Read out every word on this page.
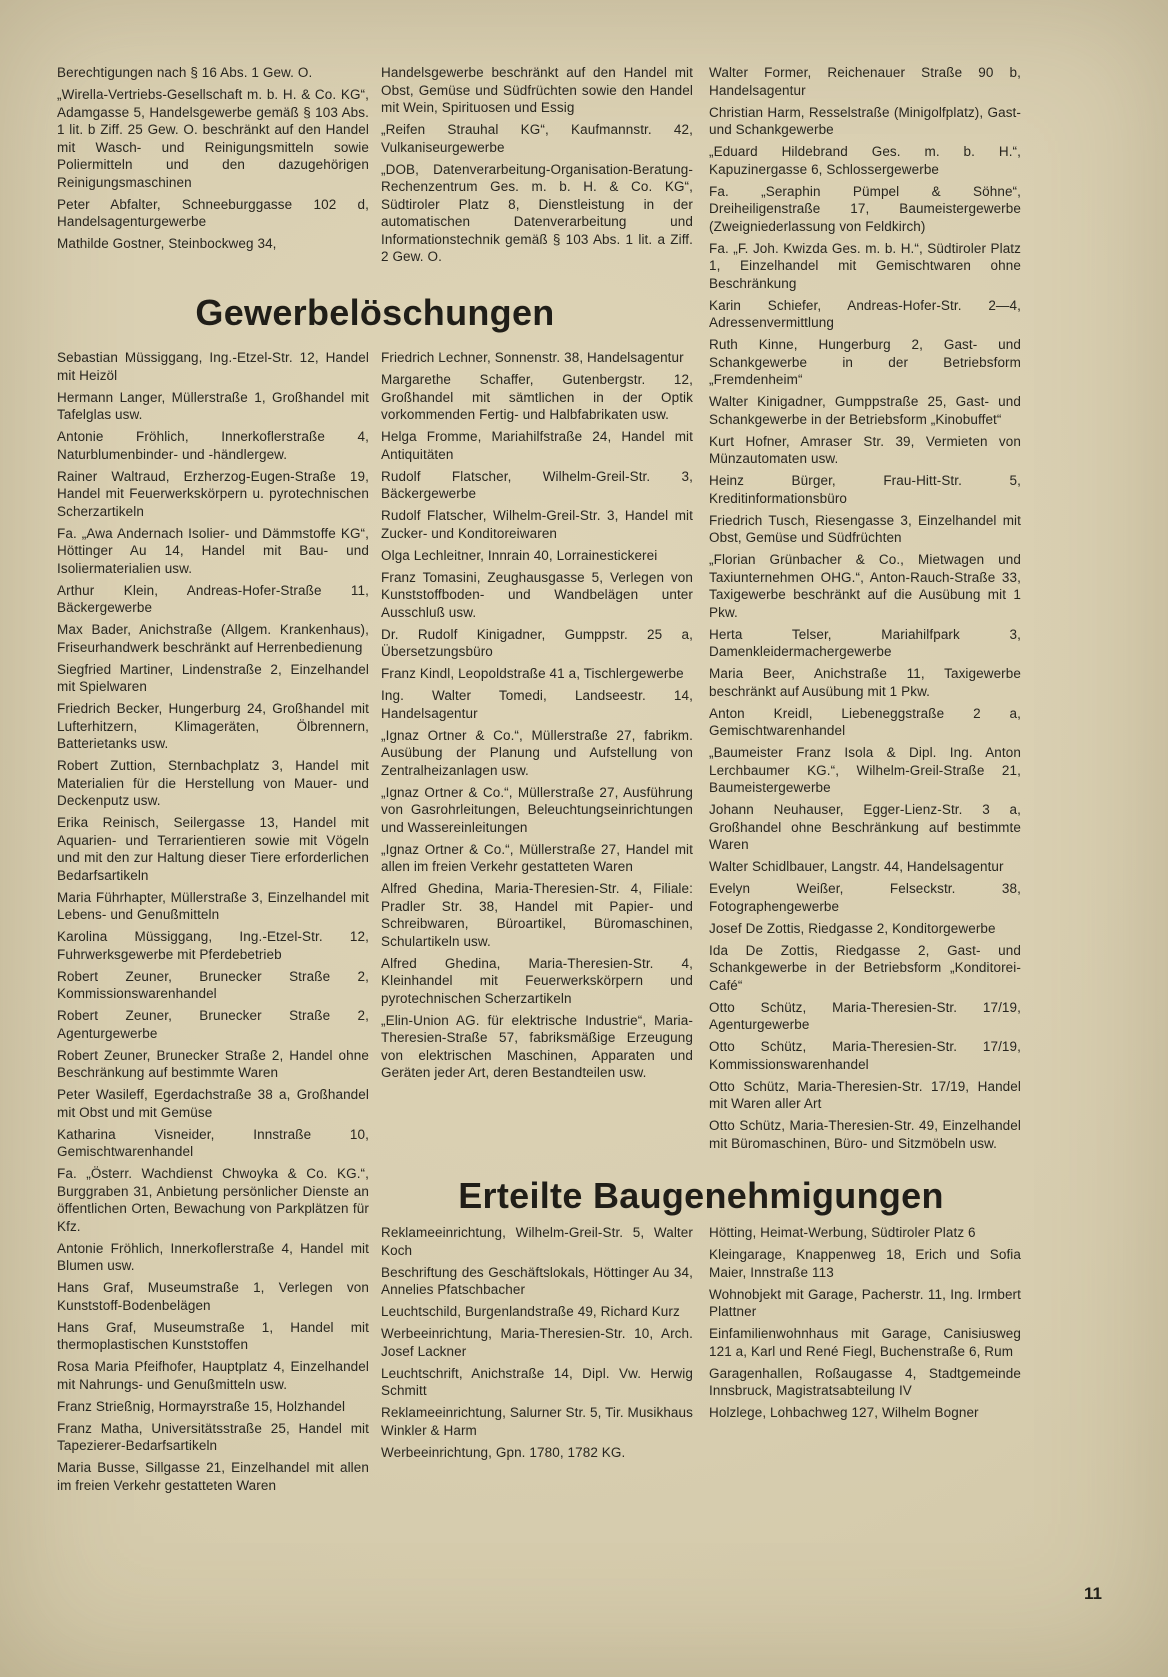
Berechtigungen nach § 16 Abs. 1 Gew. O.

„Wirella-Vertriebs-Gesellschaft m. b. H. & Co. KG“, Adamgasse 5, Handelsgewerbe gemäß § 103 Abs. 1 lit. b Ziff. 25 Gew. O. beschränkt auf den Handel mit Wasch- und Reinigungsmitteln sowie Poliermitteln und den dazugehörigen Reinigungsmaschinen

Peter Abfalter, Schneeburggasse 102 d, Handelsagenturgewerbe

Mathilde Gostner, Steinbockweg 34,

Handelsgewerbe beschränkt auf den Handel mit Obst, Gemüse und Südfrüchten sowie den Handel mit Wein, Spirituosen und Essig

„Reifen Strauhal KG“, Kaufmannstr. 42, Vulkaniseurgewerbe

„DOB, Datenverarbeitung-Organisation-Beratung-Rechenzentrum Ges. m. b. H. & Co. KG“, Südtiroler Platz 8, Dienstleistung in der automatischen Datenverarbeitung und Informationstechnik gemäß § 103 Abs. 1 lit. a Ziff. 2 Gew. O.

Walter Former, Reichenauer Straße 90 b, Handelsagentur

Christian Harm, Resselstraße (Minigolfplatz), Gast- und Schankgewerbe

„Eduard Hildebrand Ges. m. b. H.“, Kapuzinergasse 6, Schlossergewerbe

Fa. „Seraphin Pümpel & Söhne“, Dreiheiligenstraße 17, Baumeistergewerbe (Zweigniederlassung von Feldkirch)

Fa. „F. Joh. Kwizda Ges. m. b. H.“, Südtiroler Platz 1, Einzelhandel mit Gemischtwaren ohne Beschränkung

Karin Schiefer, Andreas-Hofer-Str. 2—4, Adressenvermittlung

Ruth Kinne, Hungerburg 2, Gast- und Schankgewerbe in der Betriebsform „Fremdenheim“

Walter Kinigadner, Gumppstraße 25, Gast- und Schankgewerbe in der Betriebsform „Kinobuffet“

Kurt Hofner, Amraser Str. 39, Vermieten von Münzautomaten usw.

Heinz Bürger, Frau-Hitt-Str. 5, Kreditinformationsbüro

Friedrich Tusch, Riesengasse 3, Einzelhandel mit Obst, Gemüse und Südfrüchten

„Florian Grünbacher & Co., Mietwagen und Taxiunternehmen OHG.“, Anton-Rauch-Straße 33, Taxigewerbe beschränkt auf die Ausübung mit 1 Pkw.

Herta Telser, Mariahilfpark 3, Damenkleidermachergewerbe

Maria Beer, Anichstraße 11, Taxigewerbe beschränkt auf Ausübung mit 1 Pkw.

Anton Kreidl, Liebeneggstraße 2 a, Gemischtwarenhandel

„Baumeister Franz Isola & Dipl. Ing. Anton Lerchbaumer KG.“, Wilhelm-Greil-Straße 21, Baumeistergewerbe

Johann Neuhauser, Egger-Lienz-Str. 3 a, Großhandel ohne Beschränkung auf bestimmte Waren

Walter Schidlbauer, Langstr. 44, Handelsagentur

Evelyn Weißer, Felseckstr. 38, Fotographengewerbe

Josef De Zottis, Riedgasse 2, Konditorgewerbe

Ida De Zottis, Riedgasse 2, Gast- und Schankgewerbe in der Betriebsform „Konditorei-Café“

Otto Schütz, Maria-Theresien-Str. 17/19, Agenturgewerbe

Otto Schütz, Maria-Theresien-Str. 17/19, Kommissionswarenhandel

Otto Schütz, Maria-Theresien-Str. 17/19, Handel mit Waren aller Art

Otto Schütz, Maria-Theresien-Str. 49, Einzelhandel mit Büromaschinen, Büro- und Sitzmöbeln usw.

Gewerbelöschungen

Sebastian Müssiggang, Ing.-Etzel-Str. 12, Handel mit Heizöl

Hermann Langer, Müllerstraße 1, Großhandel mit Tafelglas usw.

Antonie Fröhlich, Innerkoflerstraße 4, Naturblumenbinder- und -händlergew.

Rainer Waltraud, Erzherzog-Eugen-Straße 19, Handel mit Feuerwerkskörpern u. pyrotechnischen Scherzartikeln

Fa. „Awa Andernach Isolier- und Dämmstoffe KG“, Höttinger Au 14, Handel mit Bau- und Isoliermaterialien usw.

Arthur Klein, Andreas-Hofer-Straße 11, Bäckergewerbe

Max Bader, Anichstraße (Allgem. Krankenhaus), Friseurhandwerk beschränkt auf Herrenbedienung

Siegfried Martiner, Lindenstraße 2, Einzelhandel mit Spielwaren

Friedrich Becker, Hungerburg 24, Großhandel mit Lufterhitzern, Klimageräten, Ölbrennern, Batterietanks usw.

Robert Zuttion, Sternbachplatz 3, Handel mit Materialien für die Herstellung von Mauer- und Deckenputz usw.

Erika Reinisch, Seilergasse 13, Handel mit Aquarien- und Terrarientieren sowie mit Vögeln und mit den zur Haltung dieser Tiere erforderlichen Bedarfsartikeln

Maria Führhapter, Müllerstraße 3, Einzelhandel mit Lebens- und Genußmitteln

Karolina Müssiggang, Ing.-Etzel-Str. 12, Fuhrwerksgewerbe mit Pferdebetrieb

Robert Zeuner, Brunecker Straße 2, Kommissionswarenhandel

Robert Zeuner, Brunecker Straße 2, Agenturgewerbe

Robert Zeuner, Brunecker Straße 2, Handel ohne Beschränkung auf bestimmte Waren

Peter Wasileff, Egerdachstraße 38 a, Großhandel mit Obst und mit Gemüse

Katharina Visneider, Innstraße 10, Gemischtwarenhandel

Fa. „Österr. Wachdienst Chwoyka & Co. KG.“, Burggraben 31, Anbietung persönlicher Dienste an öffentlichen Orten, Bewachung von Parkplätzen für Kfz.

Antonie Fröhlich, Innerkoflerstraße 4, Handel mit Blumen usw.

Hans Graf, Museumstraße 1, Verlegen von Kunststoff-Bodenbelägen

Hans Graf, Museumstraße 1, Handel mit thermoplastischen Kunststoffen

Rosa Maria Pfeifhofer, Hauptplatz 4, Einzelhandel mit Nahrungs- und Genußmitteln usw.

Franz Strießnig, Hormayrstraße 15, Holzhandel

Franz Matha, Universitätsstraße 25, Handel mit Tapezierer-Bedarfsartikeln

Maria Busse, Sillgasse 21, Einzelhandel mit allen im freien Verkehr gestatteten Waren

Friedrich Lechner, Sonnenstr. 38, Handelsagentur

Margarethe Schaffer, Gutenbergstr. 12, Großhandel mit sämtlichen in der Optik vorkommenden Fertig- und Halbfabrikaten usw.

Helga Fromme, Mariahilfstraße 24, Handel mit Antiquitäten

Rudolf Flatscher, Wilhelm-Greil-Str. 3, Bäckergewerbe

Rudolf Flatscher, Wilhelm-Greil-Str. 3, Handel mit Zucker- und Konditoreiwaren

Olga Lechleitner, Innrain 40, Lorrainestickerei

Franz Tomasini, Zeughausgasse 5, Verlegen von Kunststoffboden- und Wandbelägen unter Ausschluß usw.

Dr. Rudolf Kinigadner, Gumppstr. 25 a, Übersetzungsbüro

Franz Kindl, Leopoldstraße 41 a, Tischlergewerbe

Ing. Walter Tomedi, Landseestr. 14, Handelsagentur

„Ignaz Ortner & Co.“, Müllerstraße 27, fabrikm. Ausübung der Planung und Aufstellung von Zentralheizanlagen usw.

„Ignaz Ortner & Co.“, Müllerstraße 27, Ausführung von Gasrohrleitungen, Beleuchtungseinrichtungen und Wassereinleitungen

„Ignaz Ortner & Co.“, Müllerstraße 27, Handel mit allen im freien Verkehr gestatteten Waren

Alfred Ghedina, Maria-Theresien-Str. 4, Filiale: Pradler Str. 38, Handel mit Papier- und Schreibwaren, Büroartikel, Büromaschinen, Schulartikeln usw.

Alfred Ghedina, Maria-Theresien-Str. 4, Kleinhandel mit Feuerwerkskörpern und pyrotechnischen Scherzartikeln

„Elin-Union AG. für elektrische Industrie“, Maria-Theresien-Straße 57, fabriksmäßige Erzeugung von elektrischen Maschinen, Apparaten und Geräten jeder Art, deren Bestandteilen usw.

Erteilte Baugenehmigungen

Reklameeinrichtung, Wilhelm-Greil-Str. 5, Walter Koch

Beschriftung des Geschäftslokals, Höttinger Au 34, Annelies Pfatschbacher

Leuchtschild, Burgenlandstraße 49, Richard Kurz

Werbeeinrichtung, Maria-Theresien-Str. 10, Arch. Josef Lackner

Leuchtschrift, Anichstraße 14, Dipl. Vw. Herwig Schmitt

Reklameeinrichtung, Salurner Str. 5, Tir. Musikhaus Winkler & Harm

Werbeeinrichtung, Gpn. 1780, 1782 KG.

Hötting, Heimat-Werbung, Südtiroler Platz 6

Kleingarage, Knappenweg 18, Erich und Sofia Maier, Innstraße 113

Wohnobjekt mit Garage, Pacherstr. 11, Ing. Irmbert Plattner

Einfamilienwohnhaus mit Garage, Canisiusweg 121 a, Karl und René Fiegl, Buchenstraße 6, Rum

Garagenhallen, Roßaugasse 4, Stadtgemeinde Innsbruck, Magistratsabteilung IV

Holzlege, Lohbachweg 127, Wilhelm Bogner

11
